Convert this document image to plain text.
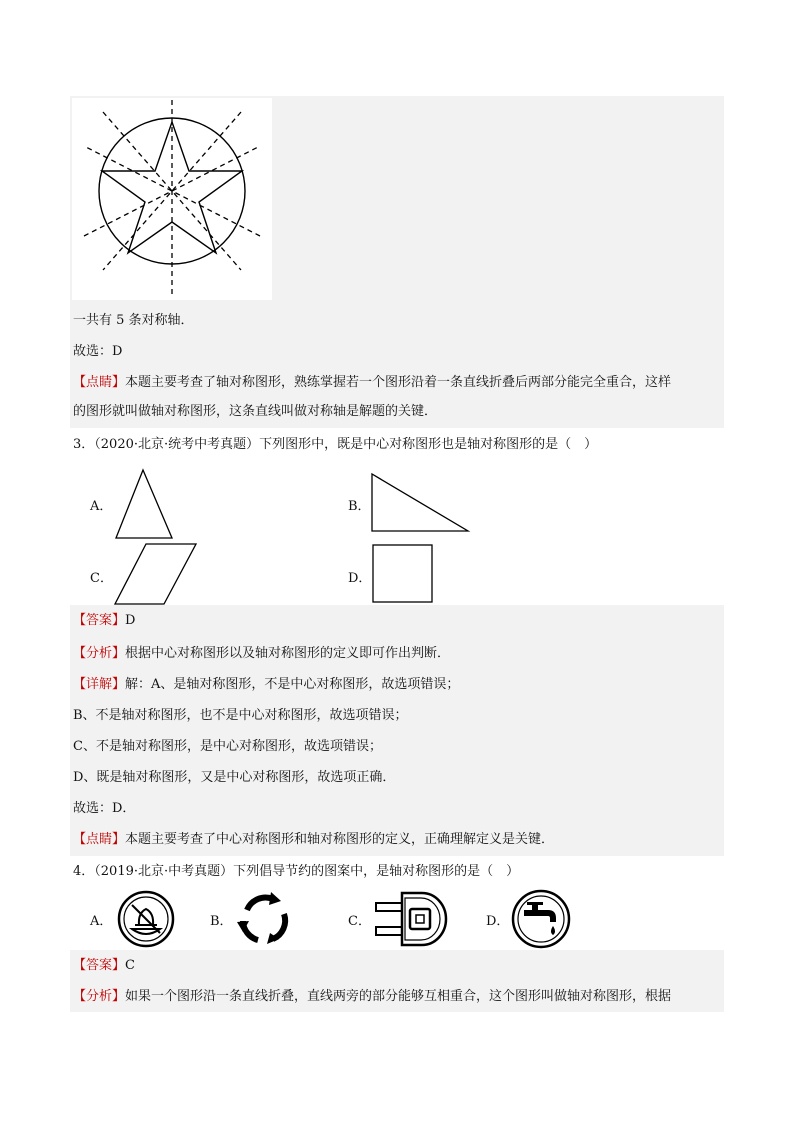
一共有 5 条对称轴．
故选：D
【点睛】本题主要考查了轴对称图形，熟练掌握若一个图形沿着一条直线折叠后两部分能完全重合，这样
的图形就叫做轴对称图形，这条直线叫做对称轴是解题的关键．
3．（2020·北京·统考中考真题）下列图形中，既是中心对称图形也是轴对称图形的是（　）
A．	B．
C．	D．
【答案】D
【分析】根据中心对称图形以及轴对称图形的定义即可作出判断．
【详解】解：A、是轴对称图形，不是中心对称图形，故选项错误；
B、不是轴对称图形，也不是中心对称图形，故选项错误；
C、不是轴对称图形，是中心对称图形，故选项错误；
D、既是轴对称图形，又是中心对称图形，故选项正确．
故选：D．
【点睛】本题主要考查了中心对称图形和轴对称图形的定义，正确理解定义是关键．
4．（2019·北京·中考真题）下列倡导节约的图案中，是轴对称图形的是（　）
A．	B．	C．	D．
【答案】C
【分析】如果一个图形沿一条直线折叠，直线两旁的部分能够互相重合，这个图形叫做轴对称图形，根据
